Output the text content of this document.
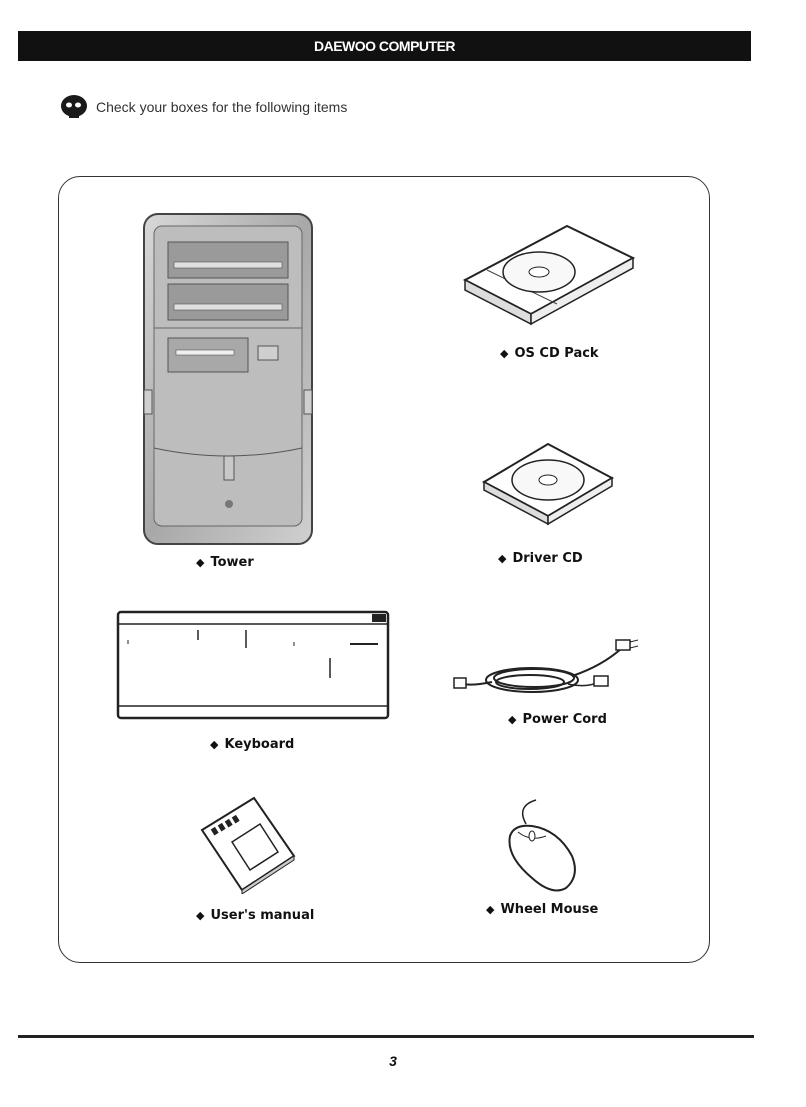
DAEWOO COMPUTER
Check your boxes for the following items
◆ Tower
◆ OS CD Pack
◆ Driver CD
◆ Keyboard
◆ Power Cord
◆ User's manual	◆ Wheel Mouse
3
